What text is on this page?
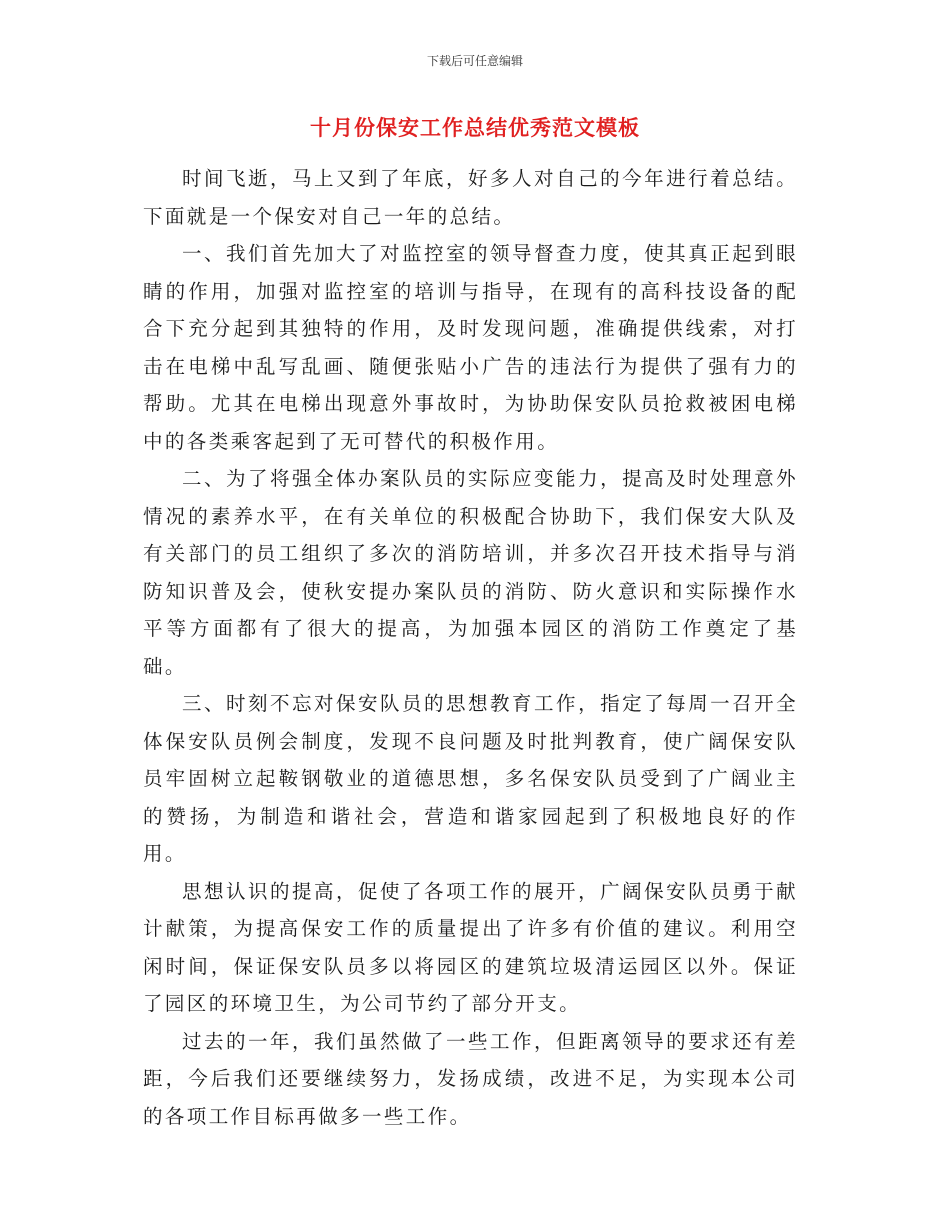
下载后可任意编辑
十月份保安工作总结优秀范文模板

时间飞逝，马上又到了年底，好多人对自己的今年进行着总结。下面就是一个保安对自己一年的总结。

一、我们首先加大了对监控室的领导督查力度，使其真正起到眼睛的作用，加强对监控室的培训与指导，在现有的高科技设备的配合下充分起到其独特的作用，及时发现问题，准确提供线索，对打击在电梯中乱写乱画、随便张贴小广告的违法行为提供了强有力的帮助。尤其在电梯出现意外事故时，为协助保安队员抢救被困电梯中的各类乘客起到了无可替代的积极作用。

二、为了将强全体办案队员的实际应变能力，提高及时处理意外情况的素养水平，在有关单位的积极配合协助下，我们保安大队及有关部门的员工组织了多次的消防培训，并多次召开技术指导与消防知识普及会，使秋安提办案队员的消防、防火意识和实际操作水平等方面都有了很大的提高，为加强本园区的消防工作奠定了基础。

三、时刻不忘对保安队员的思想教育工作，指定了每周一召开全体保安队员例会制度，发现不良问题及时批判教育，使广阔保安队员牢固树立起鞍钢敬业的道德思想，多名保安队员受到了广阔业主的赞扬，为制造和谐社会，营造和谐家园起到了积极地良好的作用。

思想认识的提高，促使了各项工作的展开，广阔保安队员勇于献计献策，为提高保安工作的质量提出了许多有价值的建议。利用空闲时间，保证保安队员多以将园区的建筑垃圾清运园区以外。保证了园区的环境卫生，为公司节约了部分开支。

过去的一年，我们虽然做了一些工作，但距离领导的要求还有差距，今后我们还要继续努力，发扬成绩，改进不足，为实现本公司的各项工作目标再做多一些工作。
